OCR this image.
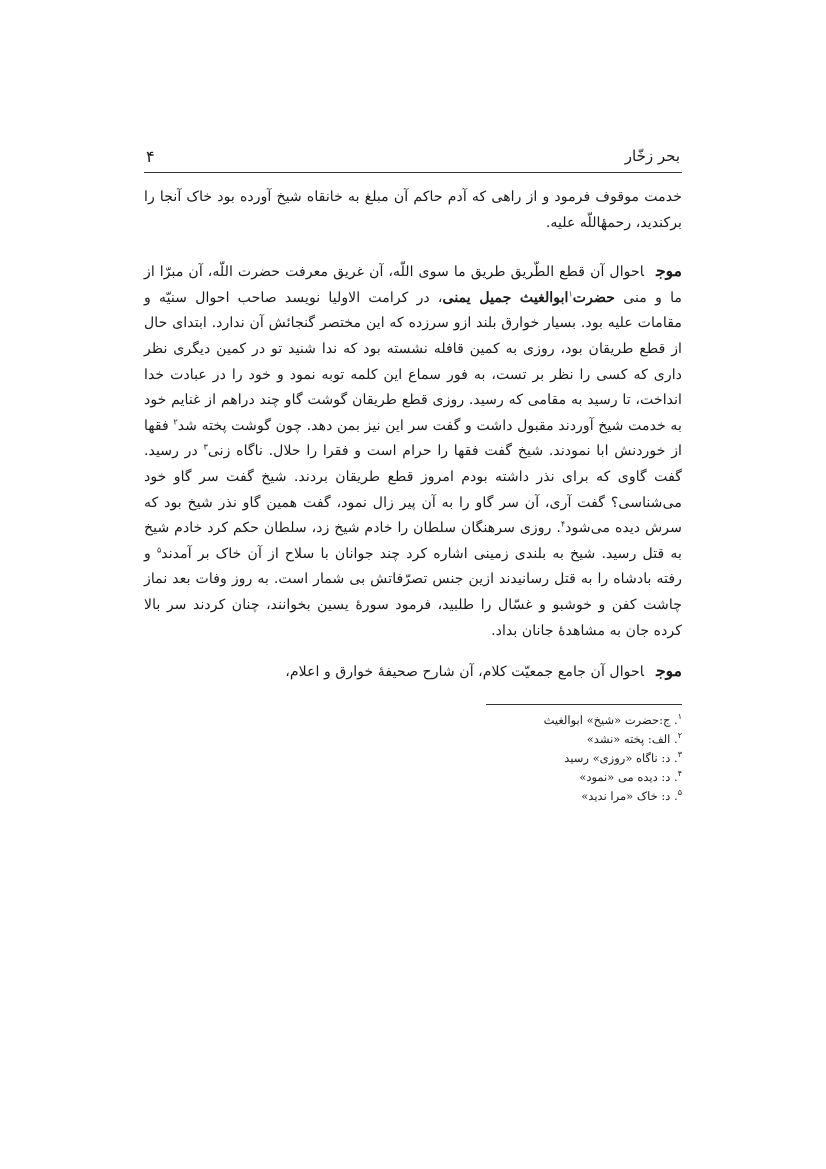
بحر زخّار
۴

خدمت موقوف فرمود و از راهی که آدم حاکم آن مبلغ به خانقاه شیخ آورده بود خاک آنجا را برکندید، رحمهٔاللّه علیه.

موجاحوال آن قطع الطّریق طریق ما سوی اللّه، آن غریق معرفت حضرت اللّه، آن مبرّا از ما و منی حضرت$^۱$ابوالغیث جمیل یمنی، در کرامت الاولیا نویسد صاحب احوال سنیّه و مقامات علیه بود. بسیار خوارق بلند ازو سرزده که این مختصر گنجائش آن ندارد. ابتدای حال از قطع طریقان بود، روزی به کمین قافله نشسته بود که ندا شنید تو در کمین دیگری نظر داری که کسی را نظر بر تست، به فور سماع این کلمه توبه نمود و خود را در عبادت خدا انداخت، تا رسید به مقامی که رسید. روزی قطع طریقان گوشت گاو چند دراهم از غنایم خود به خدمت شیخ آوردند مقبول داشت و گفت سر این نیز بمن دهد. چون گوشت پخته شد$^۲$ فقها از خوردنش ابا نمودند. شیخ گفت فقها را حرام است و فقرا را حلال. ناگاه زنی$^۳$ در رسید. گفت گاوی که برای نذر داشته بودم امروز قطع طریقان بردند. شیخ گفت سر گاو خود می‌شناسی؟ گفت آری، آن سر گاو را به آن پیر زال نمود، گفت همین گاو نذر شیخ بود که سرش دیده می‌شود$^۴$. روزی سرهنگان سلطان را خادم شیخ زد، سلطان حکم کرد خادم شیخ به قتل رسید. شیخ به بلندی زمینی اشاره کرد چند جوانان با سلاح از آن خاک بر آمدند$^۵$ و رفته بادشاه را به قتل رسانیدند ازین جنس تصرّفاتش بی شمار است. به روز وفات بعد نماز چاشت کفن و خوشبو و غسّال را طلبید، فرمود سورهٔ یسین بخوانند، چنان کردند سر بالا کرده جان به مشاهدهٔ جانان بداد.

موجاحوال آن جامع جمعیّت کلام، آن شارح صحیفهٔ خوارق و اعلام،

$^۱$. ج:حضرت «شیخ» ابوالغیث
$^۲$. الف: پخته «نشد»
$^۳$. د: ناگاه «روزی» رسید
$^۴$. د: دیده می «نمود»
$^۵$. د: خاک «مرا ندید»
